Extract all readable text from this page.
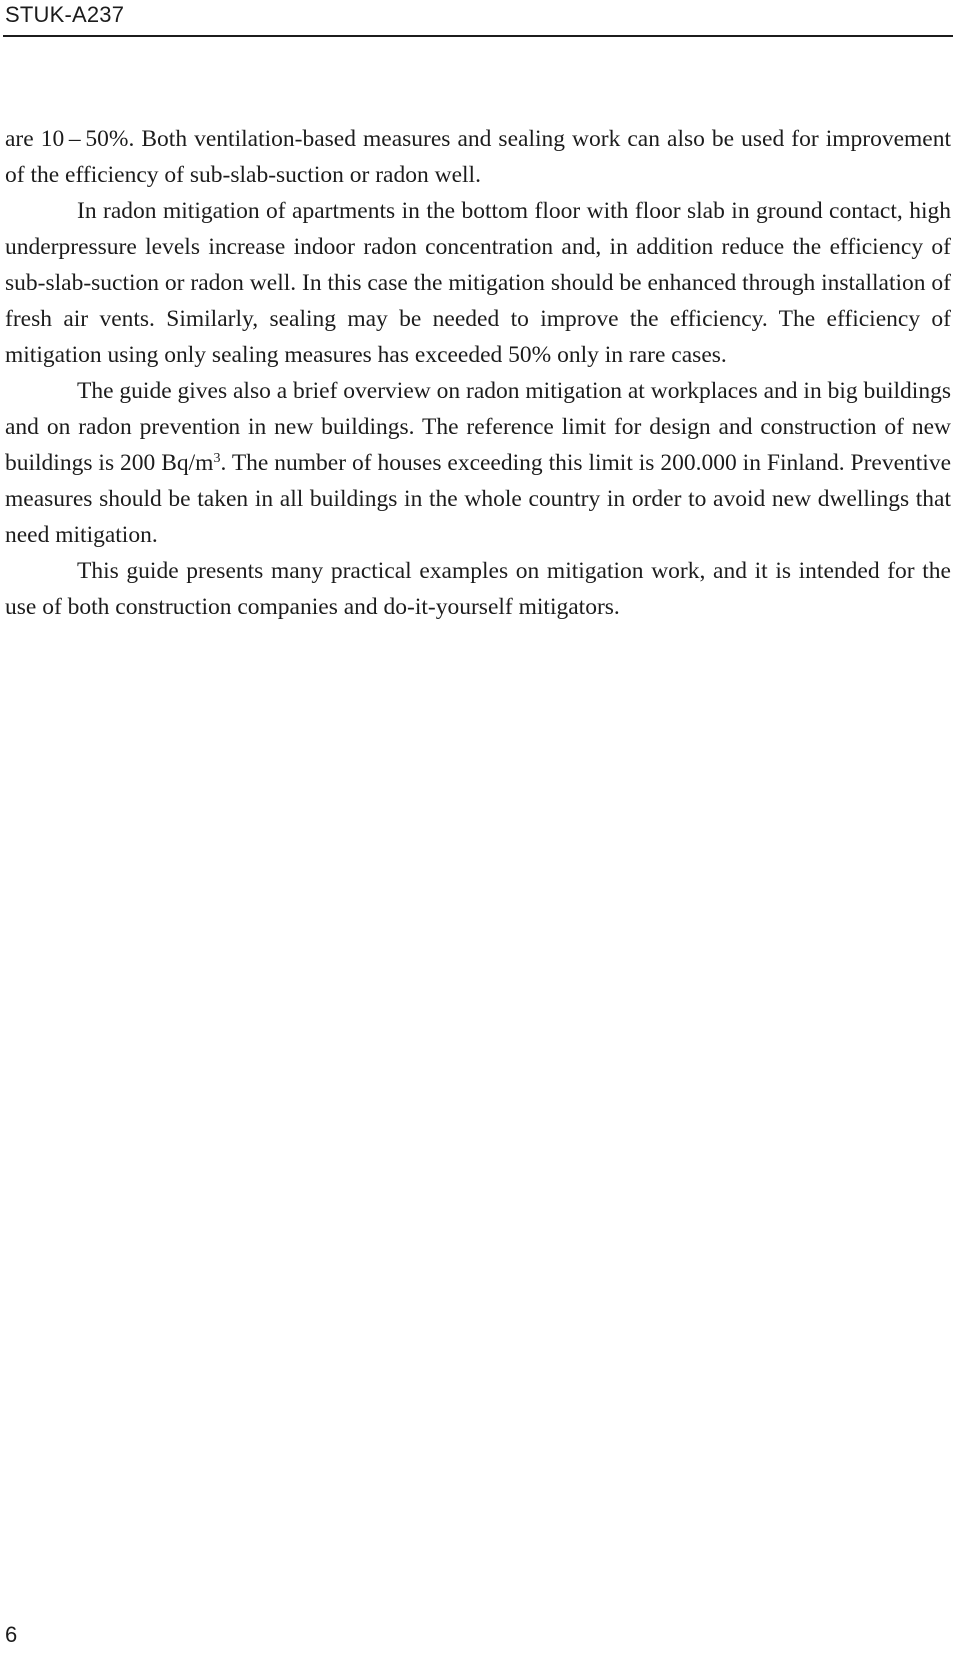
STUK-A237

are 10 – 50%. Both ventilation-based measures and sealing work can also be used for improvement of the efficiency of sub-slab-suction or radon well.

In radon mitigation of apartments in the bottom floor with floor slab in ground contact, high underpressure levels increase indoor radon concentration and, in addition reduce the efficiency of sub-slab-suction or radon well. In this case the mitigation should be enhanced through installation of fresh air vents. Similarly, sealing may be needed to improve the efficiency. The efficiency of mitigation using only sealing measures has exceeded 50% only in rare cases.

The guide gives also a brief overview on radon mitigation at workplaces and in big buildings and on radon prevention in new buildings. The reference limit for design and construction of new buildings is 200 $Bq/m^3$. The number of houses exceeding this limit is 200.000 in Finland. Preventive measures should be taken in all buildings in the whole country in order to avoid new dwellings that need mitigation.

This guide presents many practical examples on mitigation work, and it is intended for the use of both construction companies and do-it-yourself mitigators.

6
